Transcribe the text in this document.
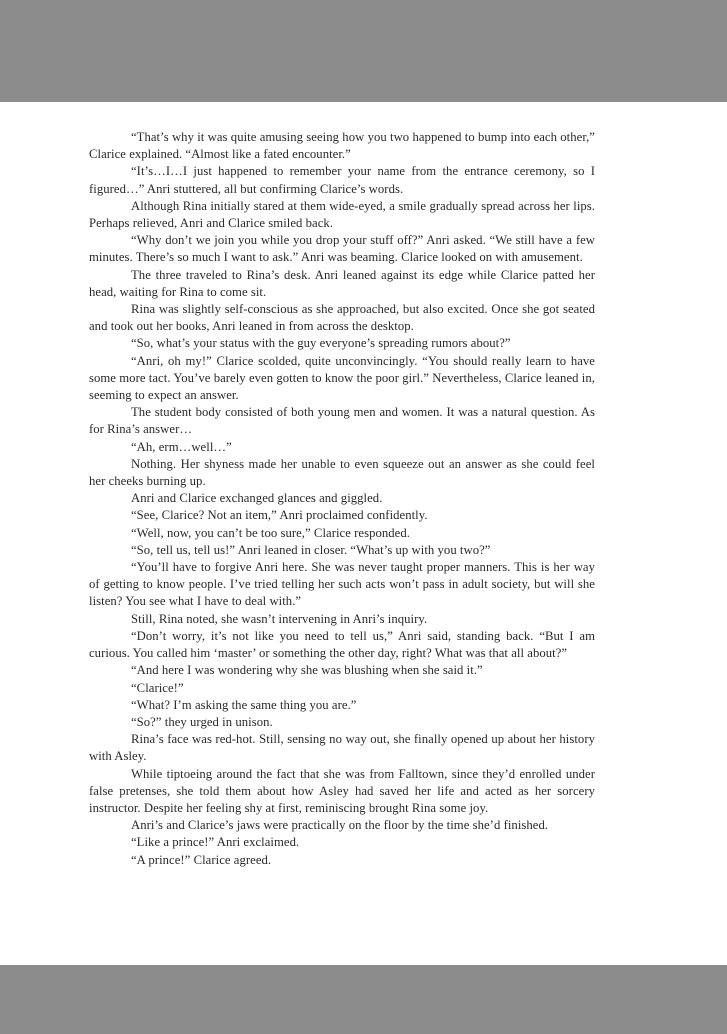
“That’s why it was quite amusing seeing how you two happened to bump into each other,” Clarice explained. “Almost like a fated encounter.”

“It’s…I…I just happened to remember your name from the entrance ceremony, so I figured…” Anri stuttered, all but confirming Clarice’s words.

Although Rina initially stared at them wide-eyed, a smile gradually spread across her lips. Perhaps relieved, Anri and Clarice smiled back.

“Why don’t we join you while you drop your stuff off?” Anri asked. “We still have a few minutes. There’s so much I want to ask.” Anri was beaming. Clarice looked on with amusement.

The three traveled to Rina’s desk. Anri leaned against its edge while Clarice patted her head, waiting for Rina to come sit.

Rina was slightly self-conscious as she approached, but also excited. Once she got seated and took out her books, Anri leaned in from across the desktop.

“So, what’s your status with the guy everyone’s spreading rumors about?”

“Anri, oh my!” Clarice scolded, quite unconvincingly. “You should really learn to have some more tact. You’ve barely even gotten to know the poor girl.” Nevertheless, Clarice leaned in, seeming to expect an answer.

The student body consisted of both young men and women. It was a natural question. As for Rina’s answer…

“Ah, erm…well…”

Nothing. Her shyness made her unable to even squeeze out an answer as she could feel her cheeks burning up.

Anri and Clarice exchanged glances and giggled.

“See, Clarice? Not an item,” Anri proclaimed confidently.

“Well, now, you can’t be too sure,” Clarice responded.

“So, tell us, tell us!” Anri leaned in closer. “What’s up with you two?”

“You’ll have to forgive Anri here. She was never taught proper manners. This is her way of getting to know people. I’ve tried telling her such acts won’t pass in adult society, but will she listen? You see what I have to deal with.”

Still, Rina noted, she wasn’t intervening in Anri’s inquiry.

“Don’t worry, it’s not like you need to tell us,” Anri said, standing back. “But I am curious. You called him ‘master’ or something the other day, right? What was that all about?”

“And here I was wondering why she was blushing when she said it.”

“Clarice!”

“What? I’m asking the same thing you are.”

“So?” they urged in unison.

Rina’s face was red-hot. Still, sensing no way out, she finally opened up about her history with Asley.

While tiptoeing around the fact that she was from Falltown, since they’d enrolled under false pretenses, she told them about how Asley had saved her life and acted as her sorcery instructor. Despite her feeling shy at first, reminiscing brought Rina some joy.

Anri’s and Clarice’s jaws were practically on the floor by the time she’d finished.

“Like a prince!” Anri exclaimed.

“A prince!” Clarice agreed.
